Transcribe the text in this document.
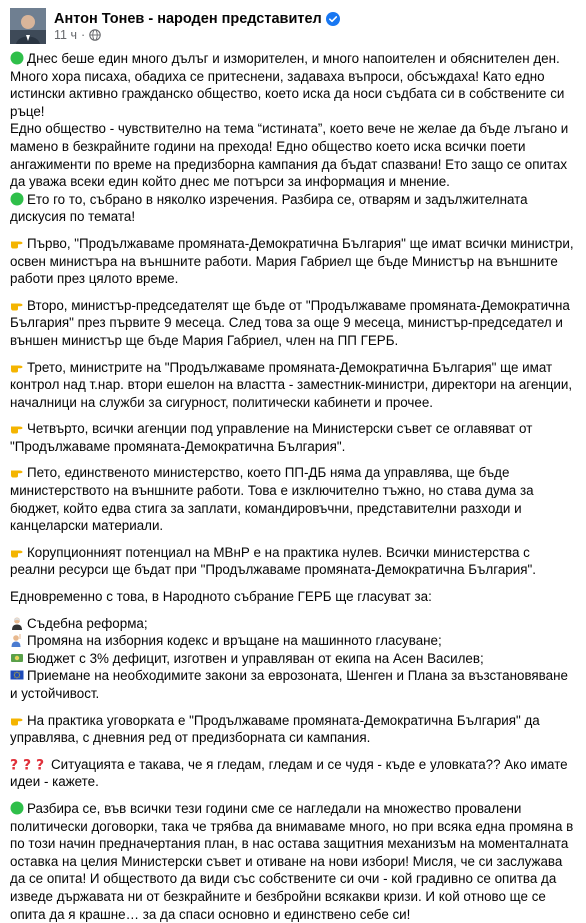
Антон Тонев - народен представител
11 ч ·
Днес беше един много дълъг и изморителен, и много напоителен и обяснителен ден. Много хора писаха, обадиха се притеснени, задаваха въпроси, обсъждаха! Като едно истински активно гражданско общество, което иска да носи съдбата си в собствените си ръце!
Едно общество - чувствително на тема “истината”, което вече не желае да бъде лъгано и мамено в безкрайните години на прехода! Едно общество което иска всички поети ангажименти по време на предизборна кампания да бъдат спазвани! Ето защо се опитах да уважа всеки един който днес ме потърси за информация и мнение.
Ето го то, събрано в няколко изречения. Разбира се, отварям и задължителната дискусия по темата!
Първо, "Продължаваме промяната-Демократична България" ще имат всички министри, освен министъра на външните работи. Мария Габриел ще бъде Министър на външните работи през цялото време.
Второ, министър-председателят ще бъде от "Продължаваме промяната-Демократична България" през първите 9 месеца. След това за още 9 месеца, министър-председател и външен министър ще бъде Мария Габриел, член на ПП ГЕРБ.
Трето, министрите на "Продължаваме промяната-Демократична България" ще имат контрол над т.нар. втори ешелон на властта - заместник-министри, директори на агенции, началници на служби за сигурност, политически кабинети и прочее.
Четвърто, всички агенции под управление на Министерски съвет се оглавяват от "Продължаваме промяната-Демократична България".
Пето, единственото министерство, което ПП-ДБ няма да управлява, ще бъде министерството на външните работи. Това е изключително тъжно, но става дума за бюджет, който едва стига за заплати, командировъчни, представителни разходи и канцеларски материали.
Корупционният потенциал на МВнР е на практика нулев. Всички министерства с реални ресурси ще бъдат при "Продължаваме промяната-Демократична България".
Едновременно с това, в Народното събрание ГЕРБ ще гласуват за:
Съдебна реформа;
Промяна на изборния кодекс и връщане на машинното гласуване;
Бюджет с 3% дефицит, изготвен и управляван от екипа на Асен Василев;
Приемане на необходимите закони за еврозоната, Шенген и Плана за възстановяване и устойчивост.
На практика уговорката е "Продължаваме промяната-Демократична България" да управлява, с дневния ред от предизборната си кампания.
? ? ? Ситуацията е такава, че я гледам, гледам и се чудя - къде е уловката?? Ако имате идеи - кажете.
Разбира се, във всички тези години сме се нагледали на множество провалени политически договорки, така че трябва да внимаваме много, но при всяка една промяна в по този начин предначертания план, в нас остава защитния механизъм на моменталната оставка на целия Министерски съвет и отиване на нови избори! Мисля, че си заслужава да се опита! И обществото да види със собствените си очи - кой градивно се опитва да изведе държавата ни от безкрайните и безбройни всякакви кризи. И кой отново ще се опита да я крашне… за да спаси основно и единствено себе си!
